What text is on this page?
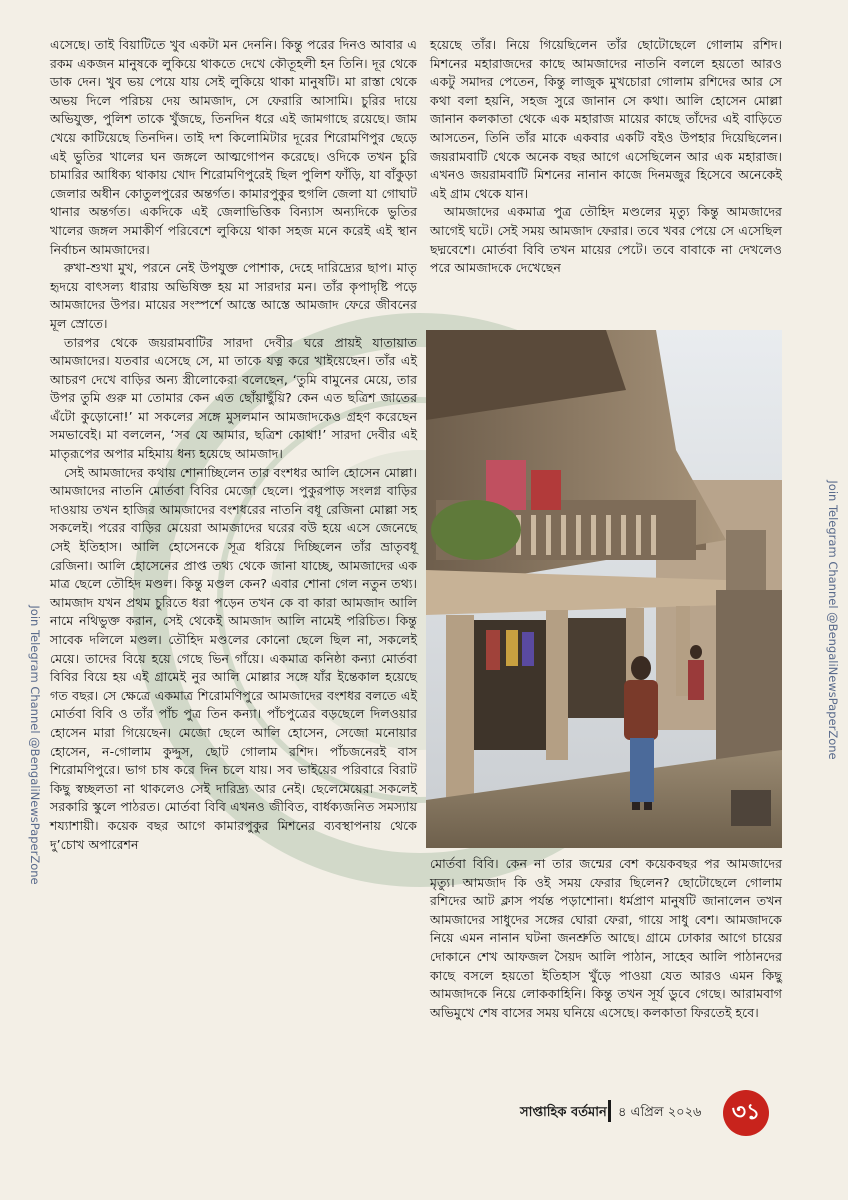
এসেছে। তাই বিয়াটিতে খুব একটা মন দেননি। কিন্তু পরের দিনও আবার এ রকম একজন মানুষকে লুকিয়ে থাকতে দেখে কৌতূহলী হন তিনি। দূর থেকে ডাক দেন। খুব ভয় পেয়ে যায় সেই লুকিয়ে থাকা মানুষটি। মা রাস্তা থেকে অভয় দিলে পরিচয় দেয় আমজাদ, সে ফেরারি আসামি। চুরির দায়ে অভিযুক্ত, পুলিশ তাকে খুঁজছে, তিনদিন ধরে এই জামগাছে রয়েছে। জাম খেয়ে কাটিয়েছে তিনদিন। তাই দশ কিলোমিটার দূরের শিরোমণিপুর ছেড়ে এই ভুতির খালের ঘন জঙ্গলে আত্মগোপন করেছে। ওদিকে তখন চুরি চামারির আধিক্য থাকায় খোদ শিরোমণিপুরেই ছিল পুলিশ ফাঁড়ি, যা বাঁকুড়া জেলার অধীন কোতুলপুরের অন্তর্গত। কামারপুকুর হুগলি জেলা যা গোঘাট থানার অন্তর্গত। একদিকে এই জেলাভিত্তিক বিন্যাস অন্যদিকে ভুতির খালের জঙ্গল সমাকীর্ণ পরিবেশে লুকিয়ে থাকা সহজ মনে করেই এই স্থান নির্বাচন আমজাদের।

রুখা-শুখা মুখ, পরনে নেই উপযুক্ত পোশাক, দেহে দারিদ্র্যের ছাপ। মাতৃ হৃদয়ে বাৎসল্য ধারায় অভিষিক্ত হয় মা সারদার মন। তাঁর কৃপাদৃষ্টি পড়ে আমজাদের উপর। মায়ের সংস্পর্শে আস্তে আস্তে আমজাদ ফেরে জীবনের মূল স্রোতে।

তারপর থেকে জয়রামবাটির সারদা দেবীর ঘরে প্রায়ই যাতায়াত আমজাদের। যতবার এসেছে সে, মা তাকে যত্ন করে খাইয়েছেন। তাঁর এই আচরণ দেখে বাড়ির অন্য স্ত্রীলোকেরা বলেছেন, ‘তুমি বামুনের মেয়ে, তার উপর তুমি গুরু মা তোমার কেন এত ছোঁয়াছুঁয়ি? কেন এত ছত্রিশ জাতের এঁটো কুড়োনো!’ মা সকলের সঙ্গে মুসলমান আমজাদকেও গ্রহণ করেছেন সমভাবেই। মা বললেন, ‘সব যে আমার, ছত্রিশ কোথা!’ সারদা দেবীর এই মাতৃরূপের অপার মহিমায় ধন্য হয়েছে আমজাদ।

সেই আমজাদের কথায় শোনাচ্ছিলেন তার বংশধর আলি হোসেন মোল্লা। আমজাদের নাতনি মোর্তবা বিবির মেজো ছেলে। পুকুরপাড় সংলগ্ন বাড়ির দাওয়ায় তখন হাজির আমজাদের বংশধরের নাতনি বধূ রেজিনা মোল্লা সহ সকলেই। পরের বাড়ির মেয়েরা আমজাদের ঘরের বউ হয়ে এসে জেনেছে সেই ইতিহাস। আলি হোসেনকে সূত্র ধরিয়ে দিচ্ছিলেন তাঁর ভ্রাতৃবধূ রেজিনা। আলি হোসেনের প্রাপ্ত তথ্য থেকে জানা যাচ্ছে, আমজাদের এক মাত্র ছেলে তৌহিদ মণ্ডল। কিন্তু মণ্ডল কেন? এবার শোনা গেল নতুন তথ্য। আমজাদ যখন প্রথম চুরিতে ধরা পড়েন তখন কে বা কারা আমজাদ আলি নামে নথিভুক্ত করান, সেই থেকেই আমজাদ আলি নামেই পরিচিত। কিন্তু সাবেক দলিলে মণ্ডল। তৌহিদ মণ্ডলের কোনো ছেলে ছিল না, সকলেই মেয়ে। তাদের বিয়ে হয়ে গেছে ভিন গাঁয়ে। একমাত্র কনিষ্ঠা কন্যা মোর্তবা বিবির বিয়ে হয় এই গ্রামেই নুর আলি মোল্লার সঙ্গে যাঁর ইন্তেকাল হয়েছে গত বছর। সে ক্ষেত্রে একমাত্র শিরোমণিপুরে আমজাদের বংশধর বলতে এই মোর্তবা বিবি ও তাঁর পাঁচ পুত্র তিন কন্যা। পাঁচপুত্রের বড়ছেলে দিলওয়ার হোসেন মারা গিয়েছেন। মেজো ছেলে আলি হোসেন, সেজো মনোয়ার হোসেন, ন-গোলাম কুদ্দুস, ছোট গোলাম রশিদ। পাঁচজনেরই বাস শিরোমণিপুরে। ভাগ চাষ করে দিন চলে যায়। সব ভাইয়ের পরিবারে বিরাট কিছু স্বচ্ছলতা না থাকলেও সেই দারিদ্র্য আর নেই। ছেলেমেয়েরা সকলেই সরকারি স্কুলে পাঠরত। মোর্তবা বিবি এখনও জীবিত, বার্ধক্যজনিত সমস্যায় শয্যাশায়ী। কয়েক বছর আগে কামারপুকুর মিশনের ব্যবস্থাপনায় থেকে দু’চোখ অপারেশন

হয়েছে তাঁর। নিয়ে গিয়েছিলেন তাঁর ছোটোছেলে গোলাম রশিদ। মিশনের মহারাজদের কাছে আমজাদের নাতনি বললে হয়তো আরও একটু সমাদর পেতেন, কিন্তু লাজুক মুখচোরা গোলাম রশিদের আর সে কথা বলা হয়নি, সহজ সুরে জানান সে কথা। আলি হোসেন মোল্লা জানান কলকাতা থেকে এক মহারাজ মায়ের কাছে তাঁদের এই বাড়িতে আসতেন, তিনি তাঁর মাকে একবার একটি বইও উপহার দিয়েছিলেন। জয়রামবাটি থেকে অনেক বছর আগে এসেছিলেন আর এক মহারাজ। এখনও জয়রামবাটি মিশনের নানান কাজে দিনমজুর হিসেবে অনেকেই এই গ্রাম থেকে যান।

আমজাদের একমাত্র পুত্র তৌহিদ মণ্ডলের মৃত্যু কিন্তু আমজাদের আগেই ঘটে। সেই সময় আমজাদ ফেরার। তবে খবর পেয়ে সে এসেছিল ছদ্মবেশে। মোর্তবা বিবি তখন মায়ের পেটে। তবে বাবাকে না দেখলেও পরে আমজাদকে দেখেছেন

মোর্তবা বিবি। কেন না তার জন্মের বেশ কয়েকবছর পর আমজাদের মৃত্যু। আমজাদ কি ওই সময় ফেরার ছিলেন? ছোটোছেলে গোলাম রশিদের আট ক্লাস পর্যন্ত পড়াশোনা। ধর্মপ্রাণ মানুষটি জানালেন তখন আমজাদের সাধুদের সঙ্গের ঘোরা ফেরা, গায়ে সাধু বেশ। আমজাদকে নিয়ে এমন নানান ঘটনা জনশ্রুতি আছে। গ্রামে ঢোকার আগে চায়ের দোকানে শেখ আফজল সৈয়দ আলি পাঠান, সাহেব আলি পাঠানদের কাছে বসলে হয়তো ইতিহাস খুঁড়ে পাওয়া যেত আরও এমন কিছু আমজাদকে নিয়ে লোককাহিনি। কিন্তু তখন সূর্য ডুবে গেছে। আরামবাগ অভিমুখে শেষ বাসের সময় ঘনিয়ে এসেছে। কলকাতা ফিরতেই হবে।

Join Telegram Channel @BengaliNewsPaperZone
Join Telegram Channel @BengaliNewsPaperZone
সাপ্তাহিক বর্তমান ৪ এপ্রিল ২০২৬	৩১
